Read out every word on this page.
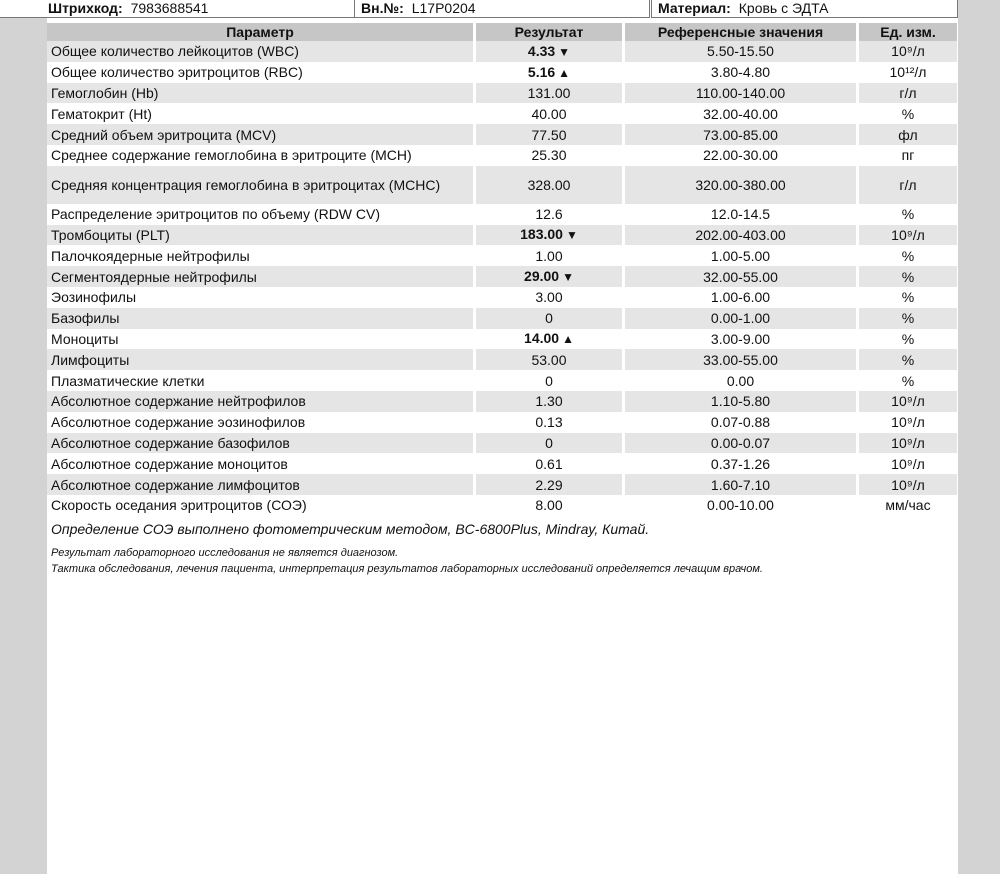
Штрихкод: 7983688541	Вн.№: L17P0204	Материал: Кровь с ЭДТА
Параметр	Результат	Референсные значения	Ед. изм.
Общее количество лейкоцитов (WBC)	4.33 ▼	5.50-15.50	10⁹/л
Общее количество эритроцитов (RBC)	5.16 ▲	3.80-4.80	10¹²/л
Гемоглобин (Hb)	131.00	110.00-140.00	г/л
Гематокрит (Ht)	40.00	32.00-40.00	%
Средний объем эритроцита (MCV)	77.50	73.00-85.00	фл
Среднее содержание гемоглобина в эритроците (MCH)	25.30	22.00-30.00	пг
Средняя концентрация гемоглобина в эритроцитах (MCHC)	328.00	320.00-380.00	г/л
Распределение эритроцитов по объему (RDW CV)	12.6	12.0-14.5	%
Тромбоциты (PLT)	183.00 ▼	202.00-403.00	10⁹/л
Палочкоядерные нейтрофилы	1.00	1.00-5.00	%
Сегментоядерные нейтрофилы	29.00 ▼	32.00-55.00	%
Эозинофилы	3.00	1.00-6.00	%
Базофилы	0	0.00-1.00	%
Моноциты	14.00 ▲	3.00-9.00	%
Лимфоциты	53.00	33.00-55.00	%
Плазматические клетки	0	0.00	%
Абсолютное содержание нейтрофилов	1.30	1.10-5.80	10⁹/л
Абсолютное содержание эозинофилов	0.13	0.07-0.88	10⁹/л
Абсолютное содержание базофилов	0	0.00-0.07	10⁹/л
Абсолютное содержание моноцитов	0.61	0.37-1.26	10⁹/л
Абсолютное содержание лимфоцитов	2.29	1.60-7.10	10⁹/л
Скорость оседания эритроцитов (СОЭ)	8.00	0.00-10.00	мм/час
Определение СОЭ выполнено фотометрическим методом, BC-6800Plus, Mindray, Китай.
Результат лабораторного исследования не является диагнозом.
Тактика обследования, лечения пациента, интерпретация результатов лабораторных исследований определяется лечащим врачом.
